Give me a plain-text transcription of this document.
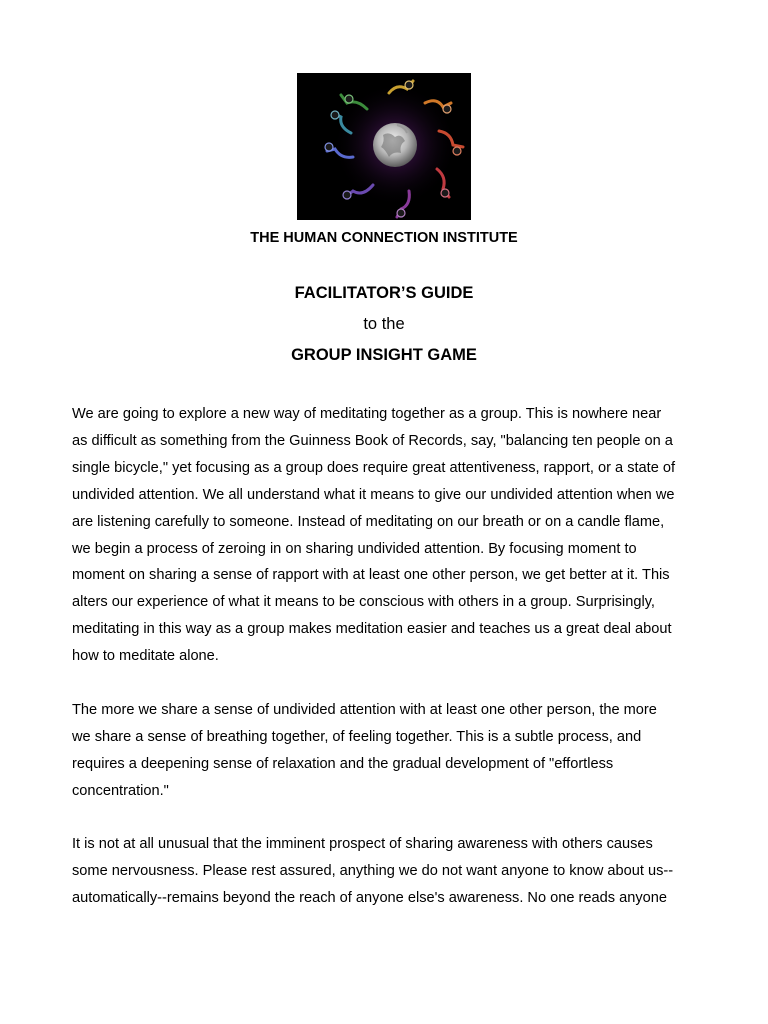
THE HUMAN CONNECTION INSTITUTE
FACILITATOR’S GUIDE
to the
GROUP INSIGHT GAME
We are going to explore a new way of meditating together as a group. This is nowhere near
as difficult as something from the Guinness Book of Records, say, "balancing ten people on a
single bicycle," yet focusing as a group does require great attentiveness, rapport, or a state of
undivided attention. We all understand what it means to give our undivided attention when we
are listening carefully to someone. Instead of meditating on our breath or on a candle flame,
we begin a process of zeroing in on sharing undivided attention. By focusing moment to
moment on sharing a sense of rapport with at least one other person, we get better at it. This
alters our experience of what it means to be conscious with others in a group. Surprisingly,
meditating in this way as a group makes meditation easier and teaches us a great deal about
how to meditate alone.
The more we share a sense of undivided attention with at least one other person, the more
we share a sense of breathing together, of feeling together. This is a subtle process, and
requires a deepening sense of relaxation and the gradual development of "effortless
concentration."
It is not at all unusual that the imminent prospect of sharing awareness with others causes
some nervousness. Please rest assured, anything we do not want anyone to know about us--
automatically--remains beyond the reach of anyone else's awareness. No one reads anyone
